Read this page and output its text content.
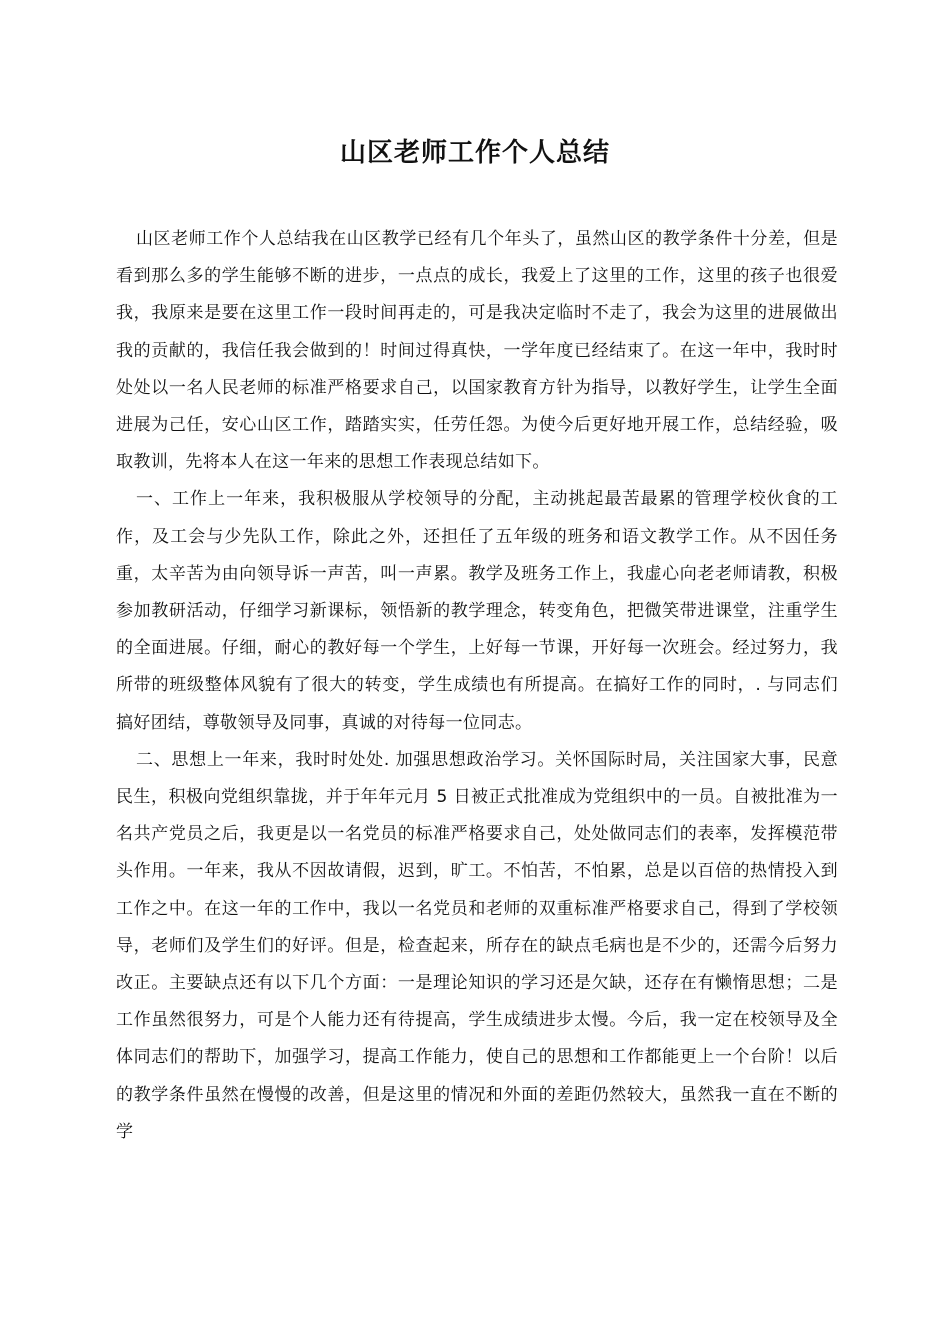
山区老师工作个人总结

山区老师工作个人总结我在山区教学已经有几个年头了，虽然山区的教学条件十分差，但是看到那么多的学生能够不断的进步，一点点的成长，我爱上了这里的工作，这里的孩子也很爱我，我原来是要在这里工作一段时间再走的，可是我决定临时不走了，我会为这里的进展做出我的贡献的，我信任我会做到的！时间过得真快，一学年度已经结束了。在这一年中，我时时处处以一名人民老师的标准严格要求自己，以国家教育方针为指导，以教好学生，让学生全面进展为己任，安心山区工作，踏踏实实，任劳任怨。为使今后更好地开展工作，总结经验，吸取教训，先将本人在这一年来的思想工作表现总结如下。

一、工作上一年来，我积极服从学校领导的分配，主动挑起最苦最累的管理学校伙食的工作，及工会与少先队工作，除此之外，还担任了五年级的班务和语文教学工作。从不因任务重，太辛苦为由向领导诉一声苦，叫一声累。教学及班务工作上，我虚心向老老师请教，积极参加教研活动，仔细学习新课标，领悟新的教学理念，转变角色，把微笑带进课堂，注重学生的全面进展。仔细，耐心的教好每一个学生，上好每一节课，开好每一次班会。经过努力，我所带的班级整体风貌有了很大的转变，学生成绩也有所提高。在搞好工作的同时，. 与同志们搞好团结，尊敬领导及同事，真诚的对待每一位同志。

二、思想上一年来，我时时处处. 加强思想政治学习。关怀国际时局，关注国家大事，民意民生，积极向党组织靠拢，并于年年元月 5 日被正式批准成为党组织中的一员。自被批准为一名共产党员之后，我更是以一名党员的标准严格要求自己，处处做同志们的表率，发挥模范带头作用。一年来，我从不因故请假，迟到，旷工。不怕苦，不怕累，总是以百倍的热情投入到工作之中。在这一年的工作中，我以一名党员和老师的双重标准严格要求自己，得到了学校领导，老师们及学生们的好评。但是，检查起来，所存在的缺点毛病也是不少的，还需今后努力改正。主要缺点还有以下几个方面：一是理论知识的学习还是欠缺，还存在有懒惰思想；二是工作虽然很努力，可是个人能力还有待提高，学生成绩进步太慢。今后，我一定在校领导及全体同志们的帮助下，加强学习，提高工作能力，使自己的思想和工作都能更上一个台阶！以后的教学条件虽然在慢慢的改善，但是这里的情况和外面的差距仍然较大，虽然我一直在不断的学
